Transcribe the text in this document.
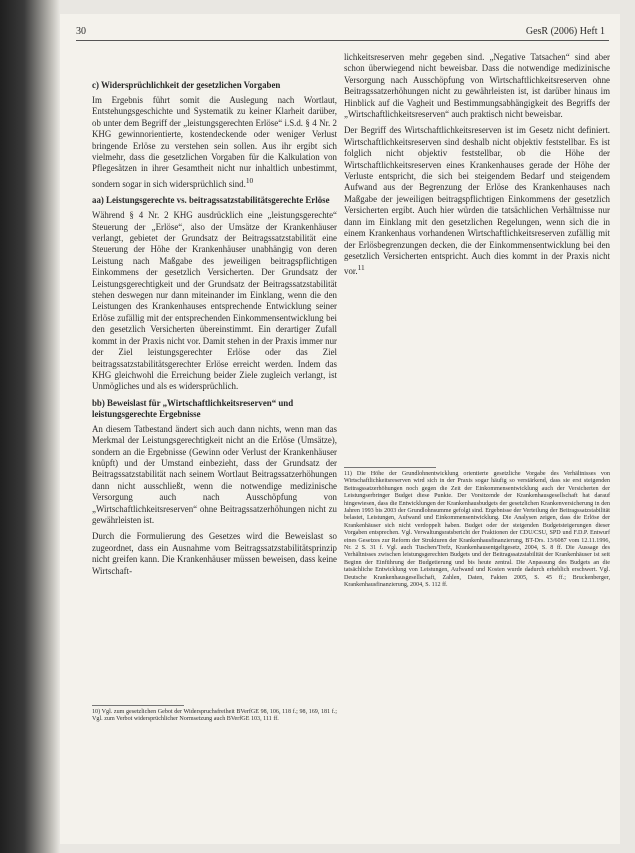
30	GesR (2006) Heft 1
c) Widersprüchlichkeit der gesetzlichen Vorgaben

Im Ergebnis führt somit die Auslegung nach Wortlaut, Entstehungsgeschichte und Systematik zu keiner Klarheit darüber, ob unter dem Begriff der „leistungsgerechten Erlöse“ i.S.d. § 4 Nr. 2 KHG gewinnorientierte, kostendeckende oder weniger Verlust bringende Erlöse zu verstehen sein sollen. Aus ihr ergibt sich vielmehr, dass die gesetzlichen Vorgaben für die Kalkulation von Pflegesätzen in ihrer Gesamtheit nicht nur inhaltlich unbestimmt, sondern sogar in sich widersprüchlich sind.$^{10}$

aa) Leistungsgerechte vs. beitragssatzstabilitätsgerechte Erlöse

Während § 4 Nr. 2 KHG ausdrücklich eine „leistungsgerechte“ Steuerung der „Erlöse“, also der Umsätze der Krankenhäuser verlangt, gebietet der Grundsatz der Beitragssatzstabilität eine Steuerung der Höhe der Krankenhäuser unabhängig von deren Leistung nach Maßgabe des jeweiligen beitragspflichtigen Einkommens der gesetzlich Versicherten. Der Grundsatz der Leistungsgerechtigkeit und der Grundsatz der Beitragssatzstabilität stehen deswegen nur dann miteinander im Einklang, wenn die den Leistungen des Krankenhauses entsprechende Entwicklung seiner Erlöse zufällig mit der entsprechenden Einkommensentwicklung bei den gesetzlich Versicherten übereinstimmt. Ein derartiger Zufall kommt in der Praxis nicht vor. Damit stehen in der Praxis immer nur der Ziel leistungsgerechter Erlöse oder das Ziel beitragssatzstabilitätsgerechter Erlöse erreicht werden. Indem das KHG gleichwohl die Erreichung beider Ziele zugleich verlangt, ist Unmögliches und als es widersprüchlich.

bb) Beweislast für „Wirtschaftlichkeitsreserven“ und leistungsgerechte Ergebnisse

An diesem Tatbestand ändert sich auch dann nichts, wenn man das Merkmal der Leistungsgerechtigkeit nicht an die Erlöse (Umsätze), sondern an die Ergebnisse (Gewinn oder Verlust der Krankenhäuser knüpft) und der Umstand einbezieht, dass der Grundsatz der Beitragssatzstabilität nach seinem Wortlaut Beitragssatzerhöhungen dann nicht ausschließt, wenn die notwendige medizinische Versorgung auch nach Ausschöpfung von „Wirtschaftlichkeitsreserven“ ohne Beitragssatzerhöhungen nicht zu gewährleisten ist.

Durch die Formulierung des Gesetzes wird die Beweislast so zugeordnet, dass ein Ausnahme vom Beitragssatzstabilitätsprinzip nicht greifen kann. Die Krankenhäuser müssen beweisen, dass keine Wirtschaft-

10) Vgl. zum gesetzlichen Gebot der Widerspruchsfreiheit BVerfGE 98, 106, 118 f.; 98, 169, 181 f.; Vgl. zum Verbot widersprüchlicher Normsetzung auch BVerfGE 103, 111 ff.

lichkeitsreserven mehr gegeben sind. „Negative Tatsachen“ sind aber schon überwiegend nicht beweisbar. Dass die notwendige medizinische Versorgung nach Ausschöpfung von Wirtschaftlichkeitsreserven ohne Beitragssatzerhöhungen nicht zu gewährleisten ist, ist darüber hinaus im Hinblick auf die Vagheit und Bestimmungsabhängigkeit des Begriffs der „Wirtschaftlichkeitsreserven“ auch praktisch nicht beweisbar.

Der Begriff des Wirtschaftlichkeitsreserven ist im Gesetz nicht definiert. Wirtschaftlichkeitsreserven sind deshalb nicht objektiv feststellbar. Es ist folglich nicht objektiv feststellbar, ob die Höhe der Wirtschaftlichkeitsreserven eines Krankenhauses gerade der Höhe der Verluste entspricht, die sich bei steigendem Bedarf und steigendem Aufwand aus der Begrenzung der Erlöse des Krankenhauses nach Maßgabe der jeweiligen beitragspflichtigen Einkommens der gesetzlich Versicherten ergibt. Auch hier würden die tatsächlichen Verhältnisse nur dann im Einklang mit den gesetzlichen Regelungen, wenn sich die in einem Krankenhaus vorhandenen Wirtschaftlichkeitsreserven zufällig mit der Erlösbegrenzungen decken, die der Einkommensentwicklung bei den gesetzlich Versicherten entspricht. Auch dies kommt in der Praxis nicht vor.$^{11}$

11) Die Höhe der Grundlohnentwicklung orientierte gesetzliche Vorgabe des Verhältnisses von Wirtschaftlichkeitsreserven wird sich in der Praxis sogar häufig so verstärkend, dass sie erst steigenden Beitragssatzerhöhungen noch gegen die Zeit der Einkommensentwicklung auch der Versicherten der Leistungserbringer Budget diese Punkte. Der Vorsitzende der Krankenhausgesellschaft hat darauf hingewiesen, dass die Entwicklungen der Krankenhausbudgets der gesetzlichen Krankenversicherung in den Jahren 1993 bis 2003 der Grundlohnsumme gefolgt sind. Ergebnisse der Verteilung der Beitragssatzstabilität belastet, Leistungen, Aufwand und Einkommensentwicklung. Die Analysen zeigen, dass die Erlöse der Krankenhäuser sich nicht verdoppelt haben. Budget oder der steigenden Budgetsteigerungen dieser Vorgaben entsprechen. Vgl. Verwaltungsratsbericht der Fraktionen der CDU/CSU, SPD und F.D.P. Entwurf eines Gesetzes zur Reform der Strukturen der Krankenhausfinanzierung, BT-Drs. 13/6087 vom 12.11.1996, Nr. 2 S. 31 f. Vgl. auch Tuschen/Trefz, Krankenhausentgeltgesetz, 2004, S. 8 ff. Die Aussage des Verhältnisses zwischen leistungsgerechten Budgets und der Beitragssatzstabilität der Krankenhäuser ist seit Beginn der Einführung der Budgetierung und bis heute zentral. Die Anpassung des Budgets an die tatsächliche Entwicklung von Leistungen, Aufwand und Kosten wurde dadurch erheblich erschwert. Vgl. Deutsche Krankenhausgesellschaft, Zahlen, Daten, Fakten 2005, S. 45 ff.; Bruckenberger, Krankenhausfinanzierung, 2004, S. 112 ff.
